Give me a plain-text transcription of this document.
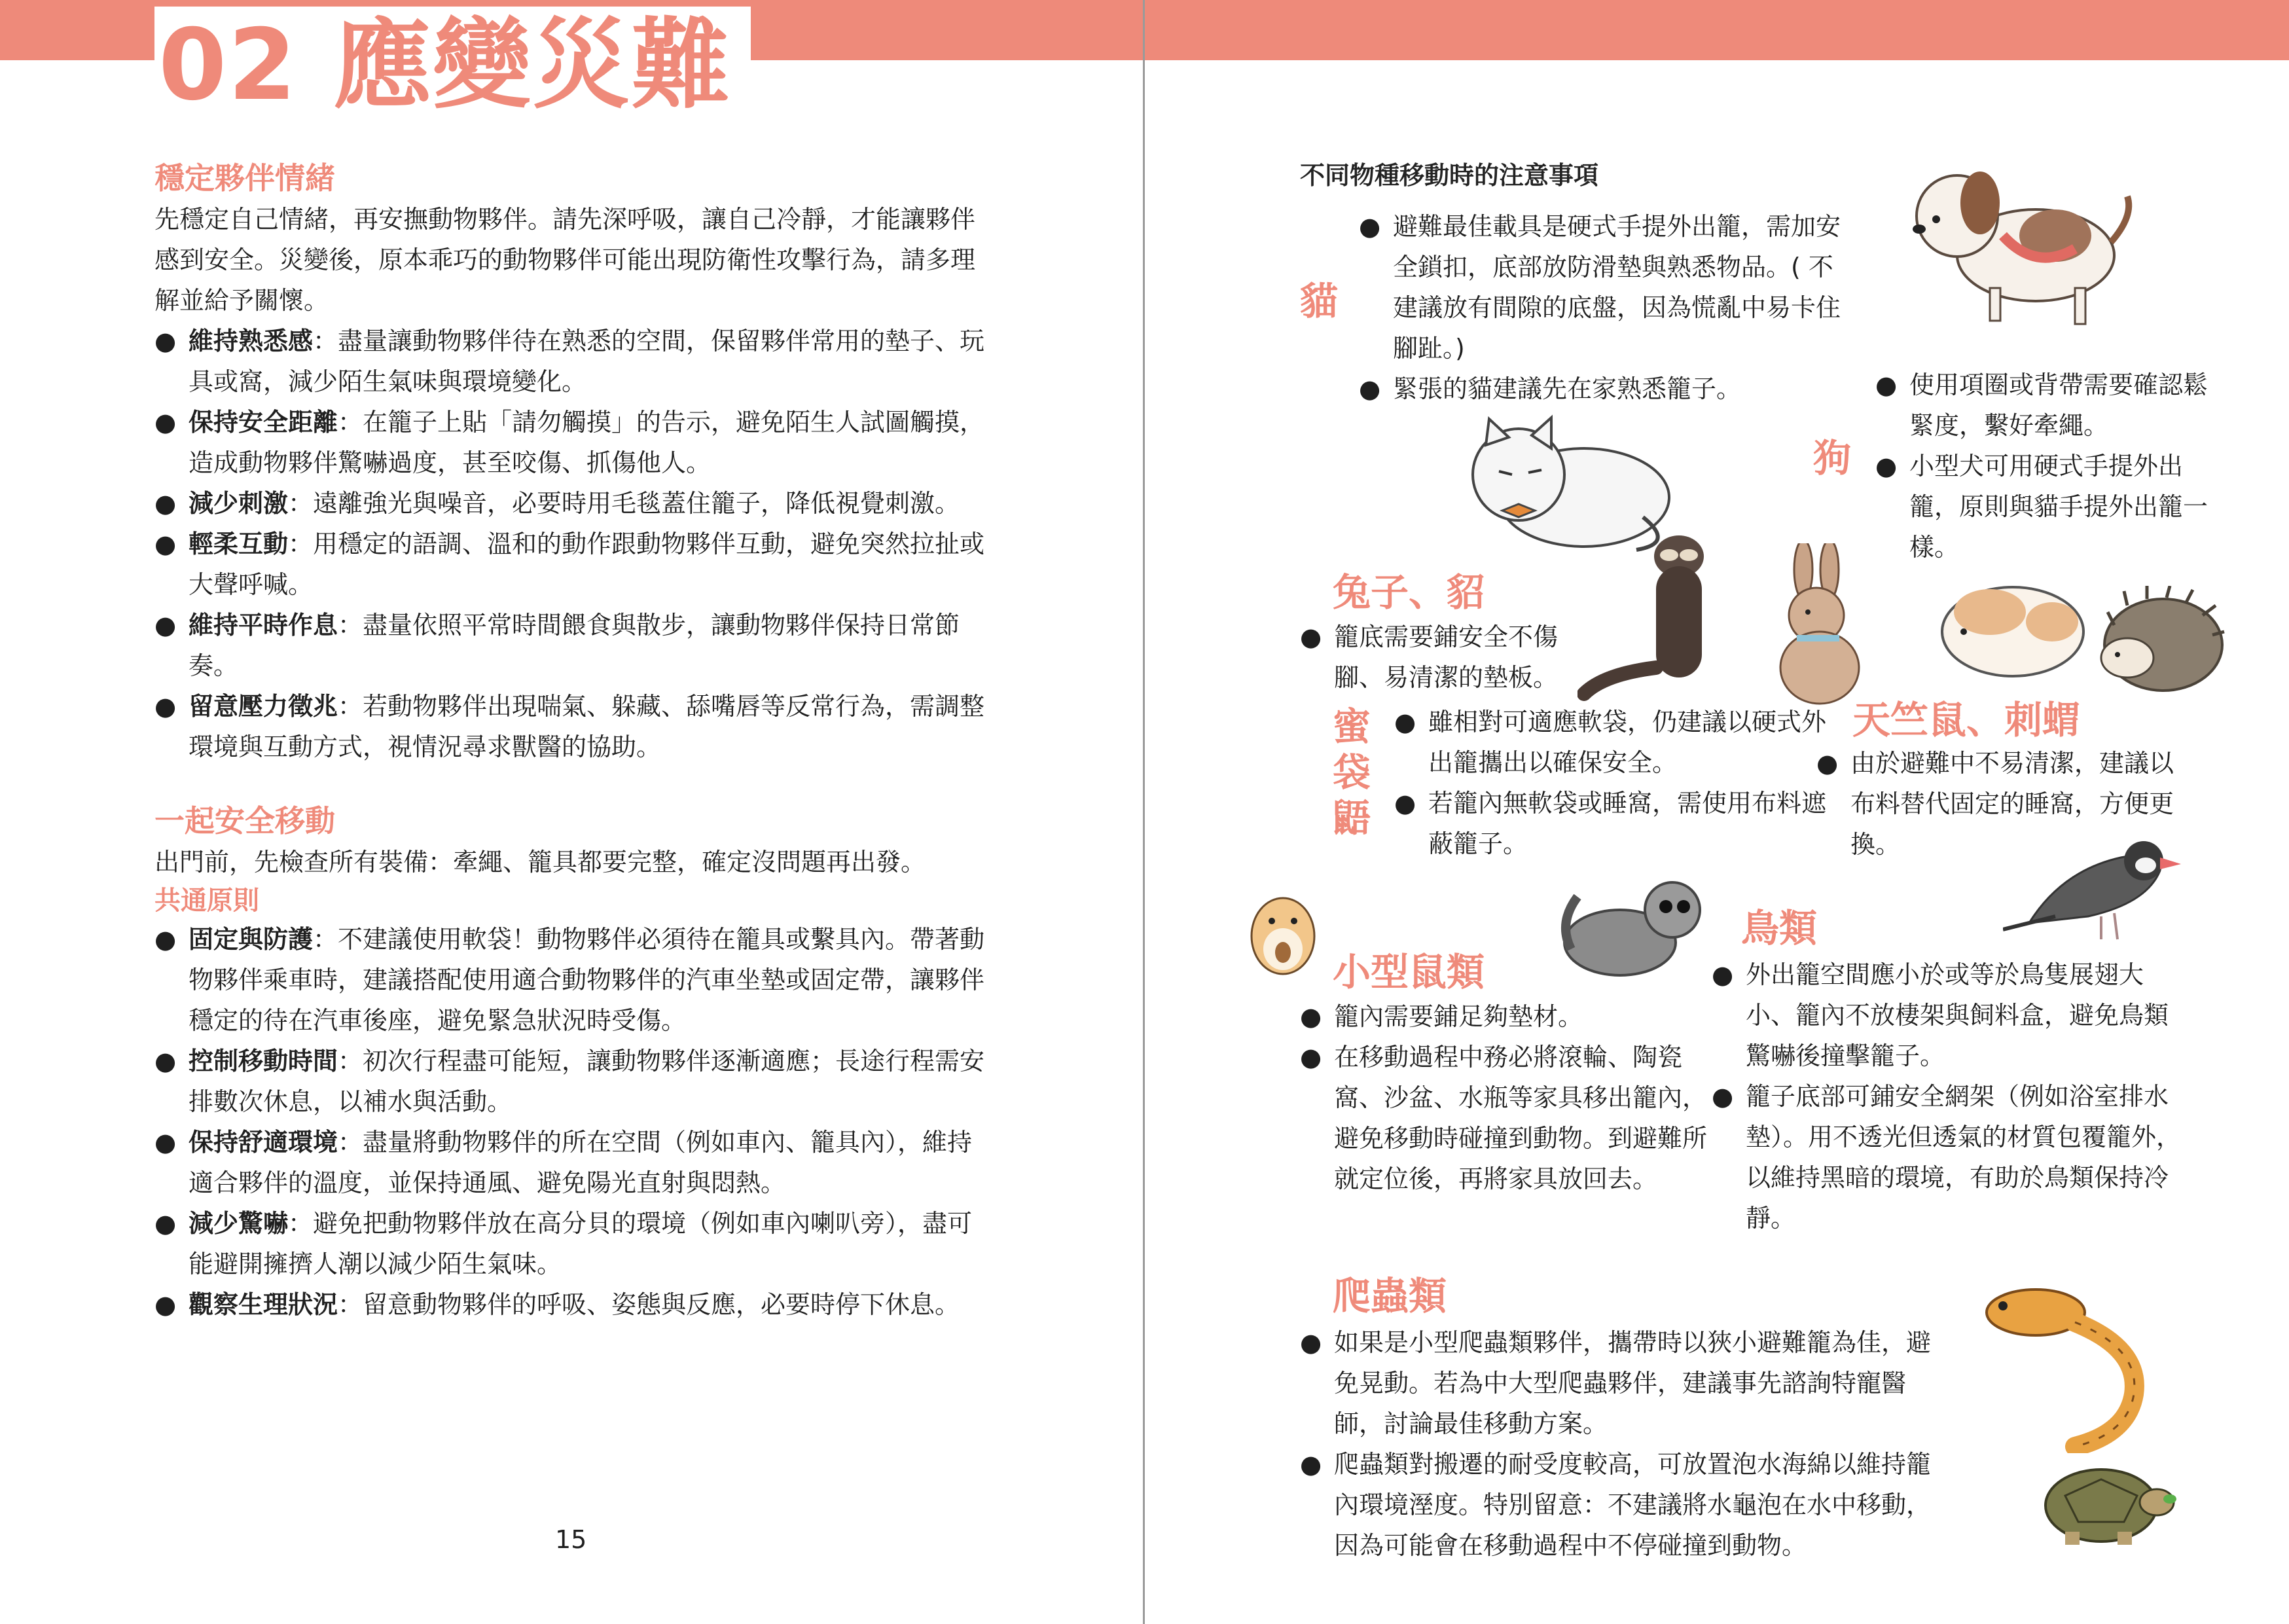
02 應變災難
穩定夥伴情緒
先穩定自己情緒，再安撫動物夥伴。請先深呼吸，讓自己冷靜，才能讓夥伴感到安全。災變後，原本乖巧的動物夥伴可能出現防衛性攻擊行為，請多理解並給予關懷。
● 維持熟悉感：盡量讓動物夥伴待在熟悉的空間，保留夥伴常用的墊子、玩具或窩，減少陌生氣味與環境變化。
● 保持安全距離：在籠子上貼「請勿觸摸」的告示，避免陌生人試圖觸摸，造成動物夥伴驚嚇過度，甚至咬傷、抓傷他人。
● 減少刺激：遠離強光與噪音，必要時用毛毯蓋住籠子，降低視覺刺激。
● 輕柔互動：用穩定的語調、溫和的動作跟動物夥伴互動，避免突然拉扯或大聲呼喊。
● 維持平時作息：盡量依照平常時間餵食與散步，讓動物夥伴保持日常節奏。
● 留意壓力徵兆：若動物夥伴出現喘氣、躲藏、舔嘴唇等反常行為，需調整環境與互動方式，視情況尋求獸醫的協助。
一起安全移動
出門前，先檢查所有裝備：牽繩、籠具都要完整，確定沒問題再出發。
共通原則
● 固定與防護：不建議使用軟袋！動物夥伴必須待在籠具或繫具內。帶著動物夥伴乘車時，建議搭配使用適合動物夥伴的汽車坐墊或固定帶，讓夥伴穩定的待在汽車後座，避免緊急狀況時受傷。
● 控制移動時間：初次行程盡可能短，讓動物夥伴逐漸適應；長途行程需安排數次休息，以補水與活動。
● 保持舒適環境：盡量將動物夥伴的所在空間（例如車內、籠具內），維持適合夥伴的溫度，並保持通風、避免陽光直射與悶熱。
● 減少驚嚇：避免把動物夥伴放在高分貝的環境（例如車內喇叭旁），盡可能避開擁擠人潮以減少陌生氣味。
● 觀察生理狀況：留意動物夥伴的呼吸、姿態與反應，必要時停下休息。
15
不同物種移動時的注意事項
貓
● 避難最佳載具是硬式手提外出籠，需加安全鎖扣，底部放防滑墊與熟悉物品。( 不建議放有間隙的底盤，因為慌亂中易卡住腳趾。)
● 緊張的貓建議先在家熟悉籠子。
狗
● 使用項圈或背帶需要確認鬆緊度，繫好牽繩。
● 小型犬可用硬式手提外出籠，原則與貓手提外出籠一樣。
兔子、貂
● 籠底需要鋪安全不傷腳、易清潔的墊板。
蜜袋鼯
● 雖相對可適應軟袋，仍建議以硬式外出籠攜出以確保安全。
● 若籠內無軟袋或睡窩，需使用布料遮蔽籠子。
天竺鼠、刺蝟
● 由於避難中不易清潔，建議以布料替代固定的睡窩，方便更換。
小型鼠類
● 籠內需要鋪足夠墊材。
● 在移動過程中務必將滾輪、陶瓷窩、沙盆、水瓶等家具移出籠內，避免移動時碰撞到動物。到避難所就定位後，再將家具放回去。
鳥類
● 外出籠空間應小於或等於鳥隻展翅大小、籠內不放棲架與飼料盒，避免鳥類驚嚇後撞擊籠子。
● 籠子底部可鋪安全網架（例如浴室排水墊）。用不透光但透氣的材質包覆籠外，以維持黑暗的環境，有助於鳥類保持冷靜。
爬蟲類
● 如果是小型爬蟲類夥伴，攜帶時以狹小避難籠為佳，避免晃動。若為中大型爬蟲夥伴，建議事先諮詢特寵醫師，討論最佳移動方案。
● 爬蟲類對搬遷的耐受度較高，可放置泡水海綿以維持籠內環境溼度。特別留意：不建議將水龜泡在水中移動，因為可能會在移動過程中不停碰撞到動物。
